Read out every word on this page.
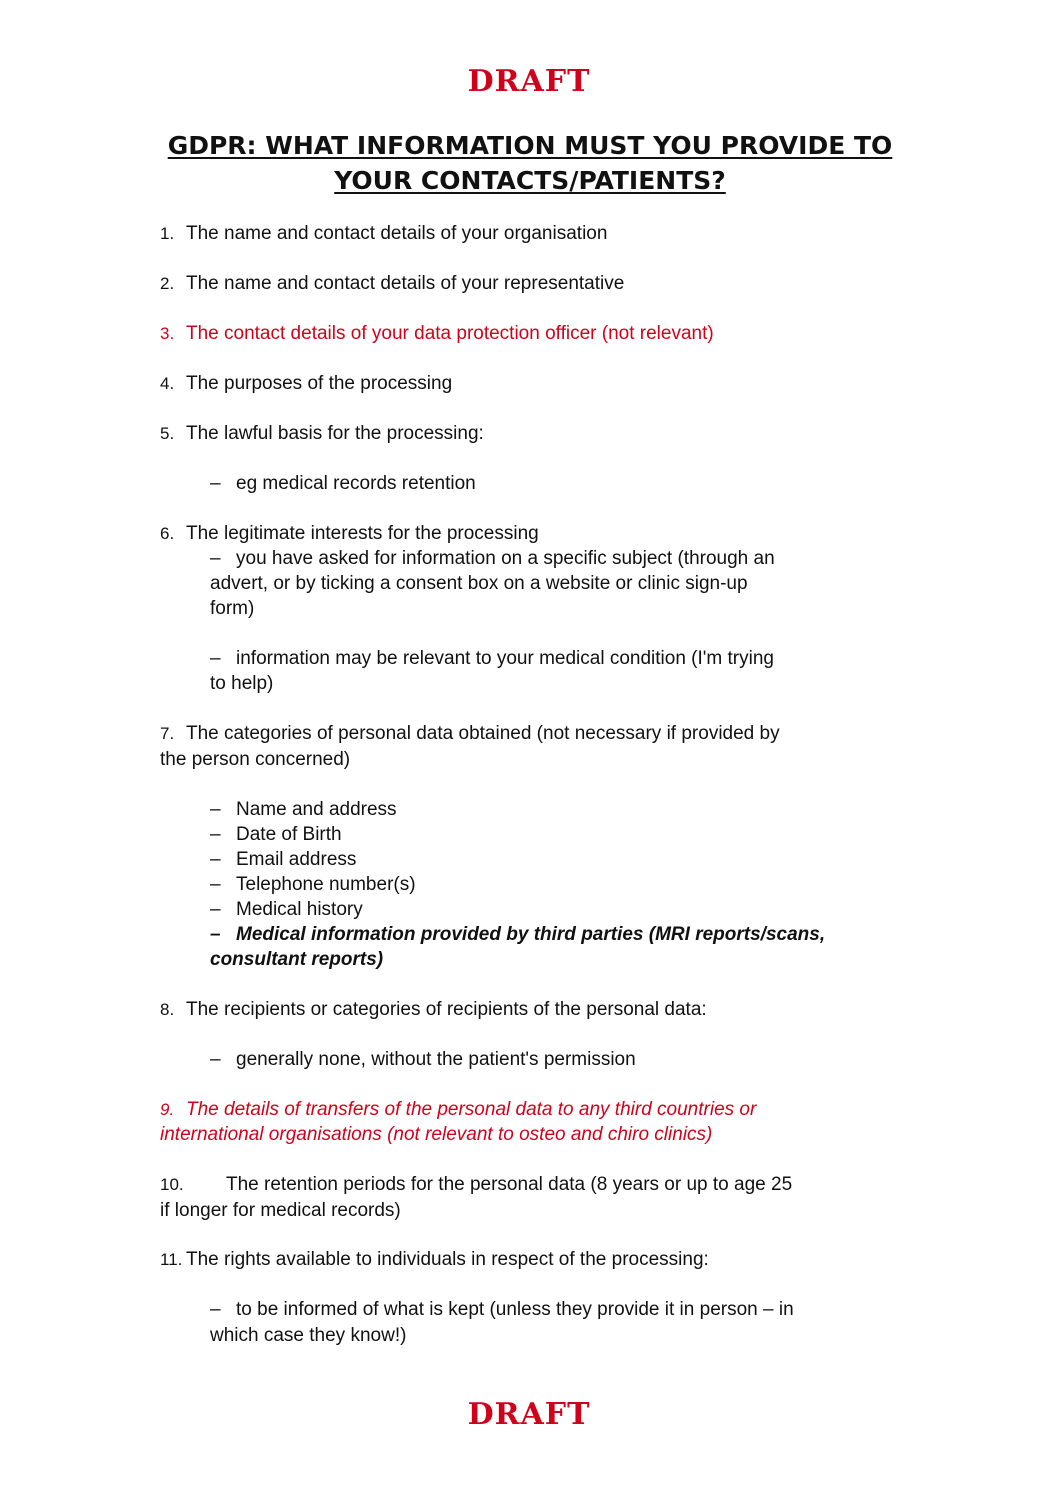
DRAFT
GDPR: WHAT INFORMATION MUST YOU PROVIDE TO
YOUR CONTACTS/PATIENTS?
1. The name and contact details of your organisation
2. The name and contact details of your representative
3. The contact details of your data protection officer (not relevant)
4. The purposes of the processing
5. The lawful basis for the processing:
– eg medical records retention
6. The legitimate interests for the processing
– you have asked for information on a specific subject (through an
advert, or by ticking a consent box on a website or clinic sign-up
form)
– information may be relevant to your medical condition (I'm trying
to help)
7. The categories of personal data obtained (not necessary if provided by
the person concerned)
– Name and address
– Date of Birth
– Email address
– Telephone number(s)
– Medical history
– Medical information provided by third parties (MRI reports/scans,
consultant reports)
8. The recipients or categories of recipients of the personal data:
– generally none, without the patient's permission
9. The details of transfers of the personal data to any third countries or
international organisations (not relevant to osteo and chiro clinics)
10. The retention periods for the personal data (8 years or up to age 25
if longer for medical records)
11. The rights available to individuals in respect of the processing:
– to be informed of what is kept (unless they provide it in person – in
which case they know!)
DRAFT
